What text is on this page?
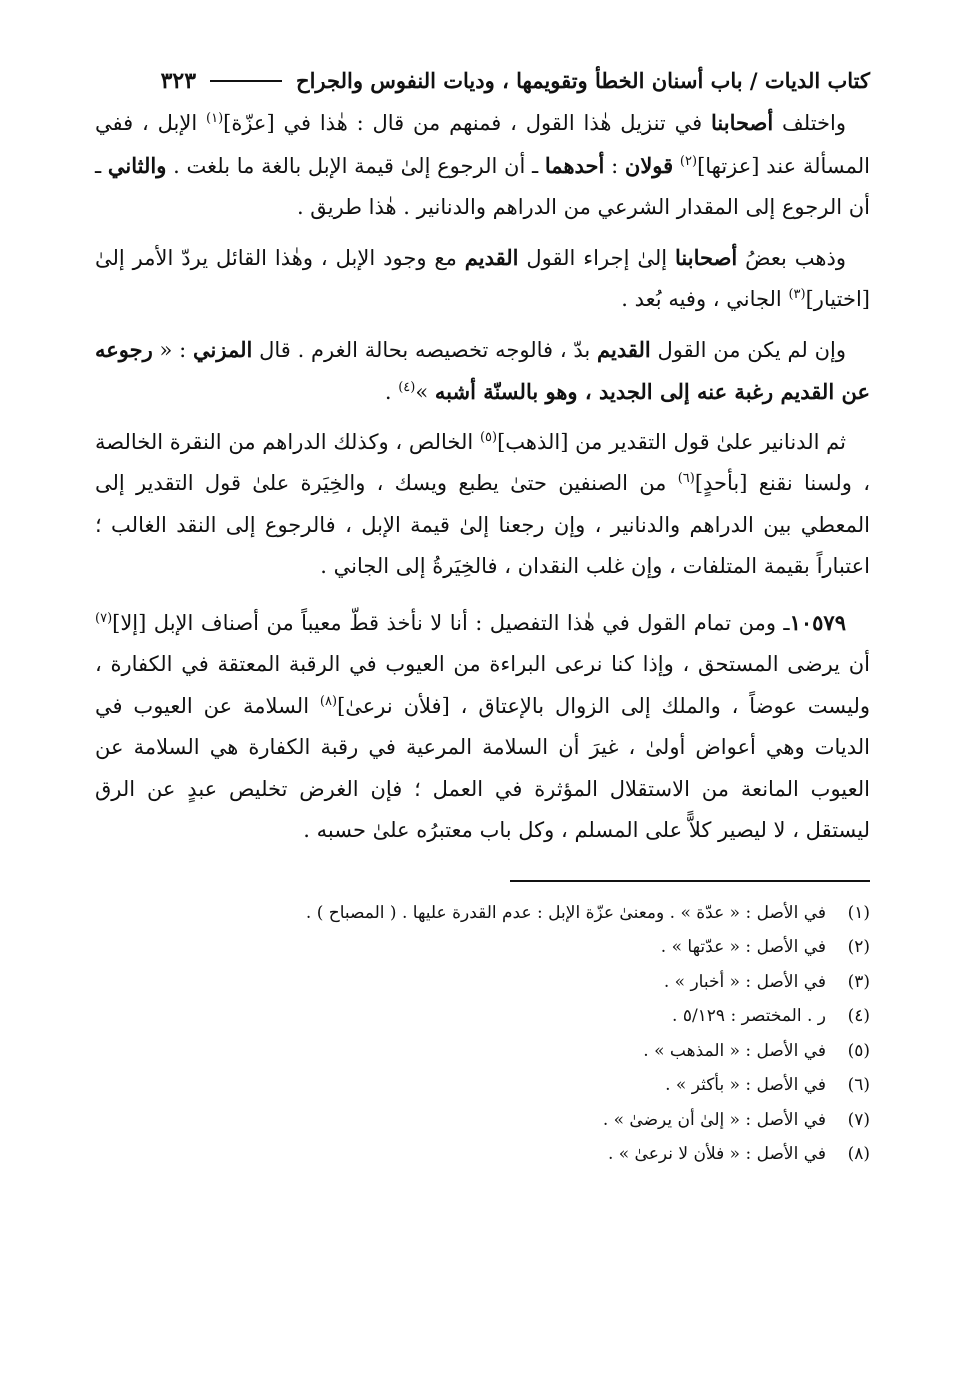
كتاب الديات / باب أسنان الخطأ وتقويمها ، وديات النفوس والجراح
٣٢٣

واختلف أصحابنا في تنزيل هٰذا القول ، فمنهم من قال : هٰذا في [عزّة]$^{(١)}$ الإبل ، ففي المسألة عند [عزتها]$^{(٢)}$ قولان : أحدهما ـ أن الرجوع إلىٰ قيمة الإبل بالغة ما بلغت . والثاني ـ أن الرجوع إلى المقدار الشرعي من الدراهم والدنانير . هٰذا طريق .

وذهب بعضُ أصحابنا إلىٰ إجراء القول القديم مع وجود الإبل ، وهٰذا القائل يردّ الأمر إلىٰ [اختيار]$^{(٣)}$ الجاني ، وفيه بُعد .

وإن لم يكن من القول القديم بدّ ، فالوجه تخصيصه بحالة الغرم . قال المزني : « رجوعه عن القديم رغبة عنه إلى الجديد ، وهو بالسنّة أشبه »$^{(٤)}$ .

ثم الدنانير علىٰ قول التقدير من [الذهب]$^{(٥)}$ الخالص ، وكذلك الدراهم من النقرة الخالصة ، ولسنا نقنع [بأحدٍ]$^{(٦)}$ من الصنفين حتىٰ يطبع ويسك ، والخِيَرة علىٰ قول التقدير إلى المعطي بين الدراهم والدنانير ، وإن رجعنا إلىٰ قيمة الإبل ، فالرجوع إلى النقد الغالب ؛ اعتباراً بقيمة المتلفات ، وإن غلب النقدان ، فالخِيَرةُ إلى الجاني .

١٠٥٧٩ـ ومن تمام القول في هٰذا التفصيل : أنا لا نأخذ قطّ معيباً من أصناف الإبل [إلا]$^{(٧)}$ أن يرضى المستحق ، وإذا كنا نرعى البراءة من العيوب في الرقبة المعتقة في الكفارة ، وليست عوضاً ، والملك إلى الزوال بالإعتاق ، [فلأن نرعىٰ]$^{(٨)}$ السلامة عن العيوب في الديات وهي أعواض أولىٰ ، غيرَ أن السلامة المرعية في رقبة الكفارة هي السلامة عن العيوب المانعة من الاستقلال المؤثرة في العمل ؛ فإن الغرض تخليص عبدٍ عن الرق ليستقل ، لا ليصير كلاًّ على المسلم ، وكل باب معتبرُه علىٰ حسبه .

(١)
في الأصل : « عدّة » . ومعنىٰ عزّة الإبل : عدم القدرة عليها . ( المصباح ) .
(٢)
في الأصل : « عدّتها » .
(٣)
في الأصل : « أخبار » .
(٤)
ر . المختصر : ٥/١٢٩ .
(٥)
في الأصل : « المذهب » .
(٦)
في الأصل : « بأكثر » .
(٧)
في الأصل : « إلىٰ أن يرضىٰ » .
(٨)
في الأصل : « فلأن لا نرعىٰ » .
